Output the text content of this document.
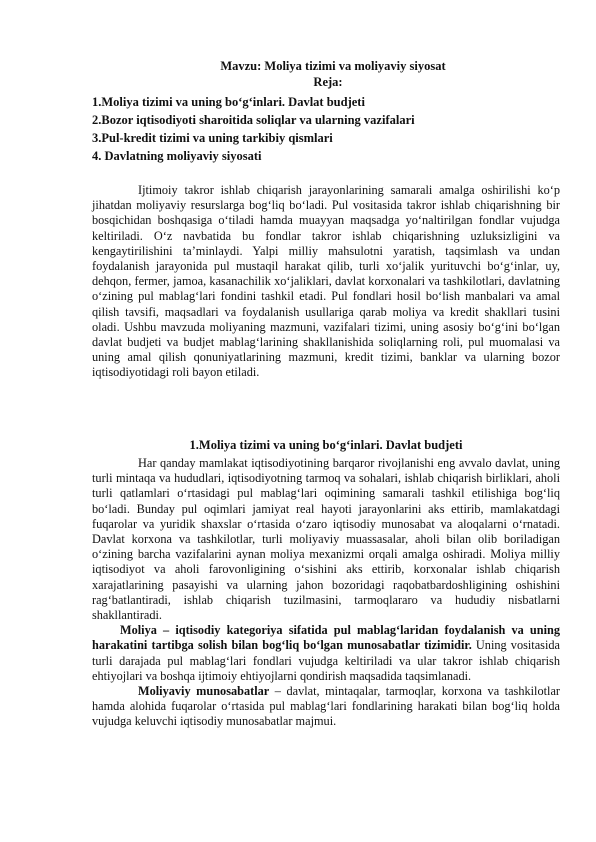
Mavzu: Moliya tizimi va moliyaviy siyosat
Reja:
1.Moliya tizimi va uning bo‘g‘inlari. Davlat budjeti
2.Bozor iqtisodiyoti sharoitida soliqlar va ularning vazifalari
3.Pul-kredit tizimi va uning tarkibiy qismlari
4. Davlatning moliyaviy siyosati

Ijtimoiy takror ishlab chiqarish jarayonlarining samarali amalga oshirilishi ko‘p jihatdan moliyaviy resurslarga bog‘liq bo‘ladi. Pul vositasida takror ishlab chiqarishning bir bosqichidan boshqasiga o‘tiladi hamda muayyan maqsadga yo‘naltirilgan fondlar vujudga keltiriladi. O‘z navbatida bu fondlar takror ishlab chiqarishning uzluksizligini va kengaytirilishini ta’minlaydi. Yalpi milliy mahsulotni yaratish, taqsimlash va undan foydalanish jarayonida pul mustaqil harakat qilib, turli xo‘jalik yurituvchi bo‘g‘inlar, uy, dehqon, fermer, jamoa, kasanachilik xo‘jaliklari, davlat korxonalari va tashkilotlari, davlatning o‘zining pul mablag‘lari fondini tashkil etadi. Pul fondlari hosil bo‘lish manbalari va amal qilish tavsifi, maqsadlari va foydalanish usullariga qarab moliya va kredit shakllari tusini oladi. Ushbu mavzuda moliyaning mazmuni, vazifalari tizimi, uning asosiy bo‘g‘ini bo‘lgan davlat budjeti va budjet mablag‘larining shakllanishida soliqlarning roli, pul muomalasi va uning amal qilish qonuniyatlarining mazmuni, kredit tizimi, banklar va ularning bozor iqtisodiyotidagi roli bayon etiladi.

1.Moliya tizimi va uning bo‘g‘inlari. Davlat budjeti

Har qanday mamlakat iqtisodiyotining barqaror rivojlanishi eng avvalo davlat, uning turli mintaqa va hududlari, iqtisodiyotning tarmoq va sohalari, ishlab chiqarish birliklari, aholi turli qatlamlari o‘rtasidagi pul mablag‘lari oqimining samarali tashkil etilishiga bog‘liq bo‘ladi. Bunday pul oqimlari jamiyat real hayoti jarayonlarini aks ettirib, mamlakatdagi fuqarolar va yuridik shaxslar o‘rtasida o‘zaro iqtisodiy munosabat va aloqalarni o‘rnatadi. Davlat korxona va tashkilotlar, turli moliyaviy muassasalar, aholi bilan olib boriladigan o‘zining barcha vazifalarini aynan moliya mexanizmi orqali amalga oshiradi. Moliya milliy iqtisodiyot va aholi farovonligining o‘sishini aks ettirib, korxonalar ishlab chiqarish xarajatlarining pasayishi va ularning jahon bozoridagi raqobatbardoshligining oshishini rag‘batlantiradi, ishlab chiqarish tuzilmasini, tarmoqlararo va hududiy nisbatlarni shakllantiradi.

Moliya – iqtisodiy kategoriya sifatida pul mablag‘laridan foydalanish va uning harakatini tartibga solish bilan bog‘liq bo‘lgan munosabatlar tizimidir. Uning vositasida turli darajada pul mablag‘lari fondlari vujudga keltiriladi va ular takror ishlab chiqarish ehtiyojlari va boshqa ijtimoiy ehtiyojlarni qondirish maqsadida taqsimlanadi.

Moliyaviy munosabatlar – davlat, mintaqalar, tarmoqlar, korxona va tashkilotlar hamda alohida fuqarolar o‘rtasida pul mablag‘lari fondlarining harakati bilan bog‘liq holda vujudga keluvchi iqtisodiy munosabatlar majmui.
